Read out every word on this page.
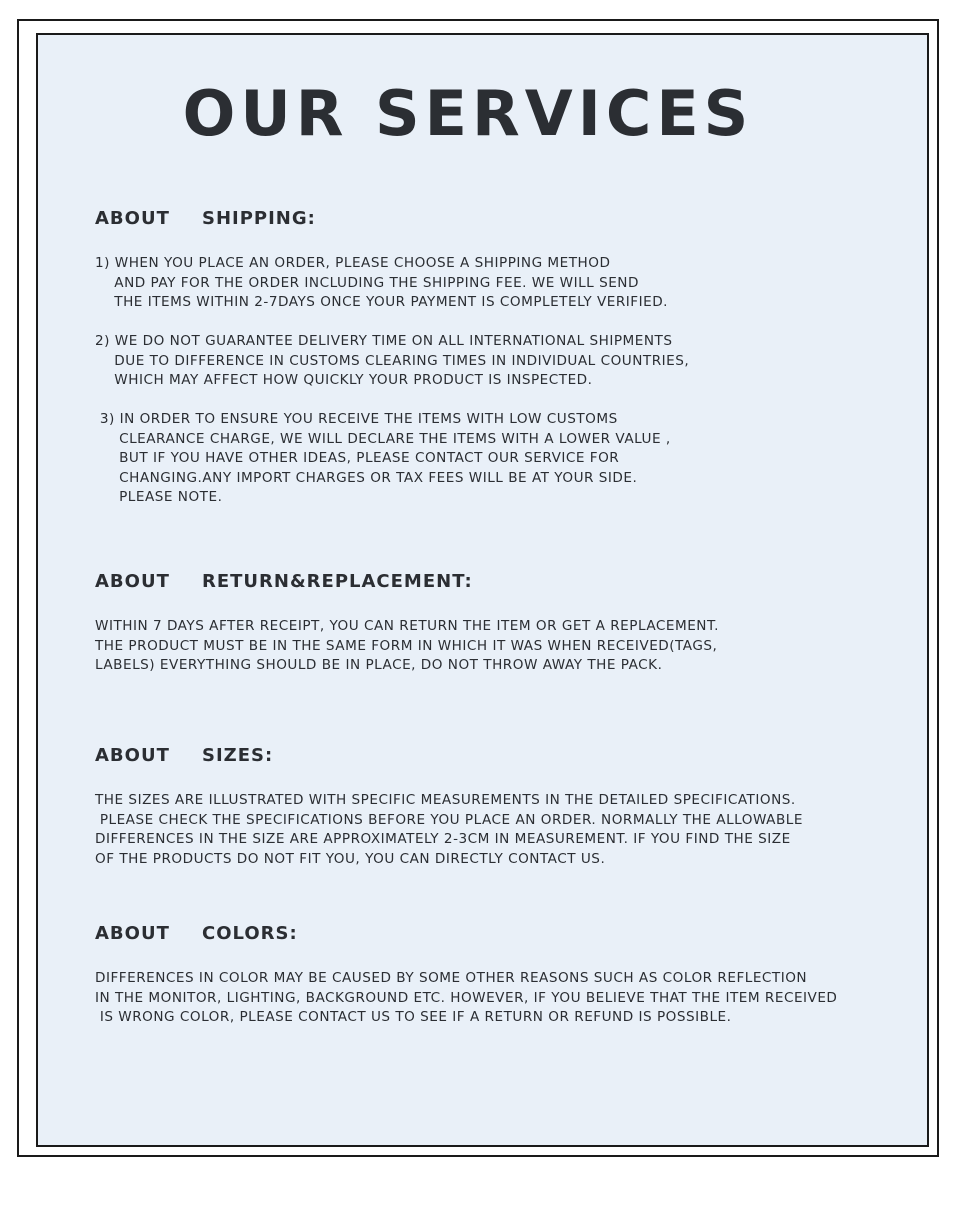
OUR SERVICES
ABOUT SHIPPING:

1) WHEN YOU PLACE AN ORDER, PLEASE CHOOSE A SHIPPING METHOD
AND PAY FOR THE ORDER INCLUDING THE SHIPPING FEE. WE WILL SEND
THE ITEMS WITHIN 2-7DAYS ONCE YOUR PAYMENT IS COMPLETELY VERIFIED.

2) WE DO NOT GUARANTEE DELIVERY TIME ON ALL INTERNATIONAL SHIPMENTS
DUE TO DIFFERENCE IN CUSTOMS CLEARING TIMES IN INDIVIDUAL COUNTRIES,
WHICH MAY AFFECT HOW QUICKLY YOUR PRODUCT IS INSPECTED.

3) IN ORDER TO ENSURE YOU RECEIVE THE ITEMS WITH LOW CUSTOMS
CLEARANCE CHARGE, WE WILL DECLARE THE ITEMS WITH A LOWER VALUE ,
BUT IF YOU HAVE OTHER IDEAS, PLEASE CONTACT OUR SERVICE FOR
CHANGING.ANY IMPORT CHARGES OR TAX FEES WILL BE AT YOUR SIDE.
PLEASE NOTE.

ABOUT RETURN&REPLACEMENT:

WITHIN 7 DAYS AFTER RECEIPT, YOU CAN RETURN THE ITEM OR GET A REPLACEMENT.
THE PRODUCT MUST BE IN THE SAME FORM IN WHICH IT WAS WHEN RECEIVED(TAGS,
LABELS) EVERYTHING SHOULD BE IN PLACE, DO NOT THROW AWAY THE PACK.

ABOUT SIZES:

THE SIZES ARE ILLUSTRATED WITH SPECIFIC MEASUREMENTS IN THE DETAILED SPECIFICATIONS.
PLEASE CHECK THE SPECIFICATIONS BEFORE YOU PLACE AN ORDER. NORMALLY THE ALLOWABLE
DIFFERENCES IN THE SIZE ARE APPROXIMATELY 2-3CM IN MEASUREMENT. IF YOU FIND THE SIZE
OF THE PRODUCTS DO NOT FIT YOU, YOU CAN DIRECTLY CONTACT US.

ABOUT COLORS:

DIFFERENCES IN COLOR MAY BE CAUSED BY SOME OTHER REASONS SUCH AS COLOR REFLECTION
IN THE MONITOR, LIGHTING, BACKGROUND ETC. HOWEVER, IF YOU BELIEVE THAT THE ITEM RECEIVED
IS WRONG COLOR, PLEASE CONTACT US TO SEE IF A RETURN OR REFUND IS POSSIBLE.
